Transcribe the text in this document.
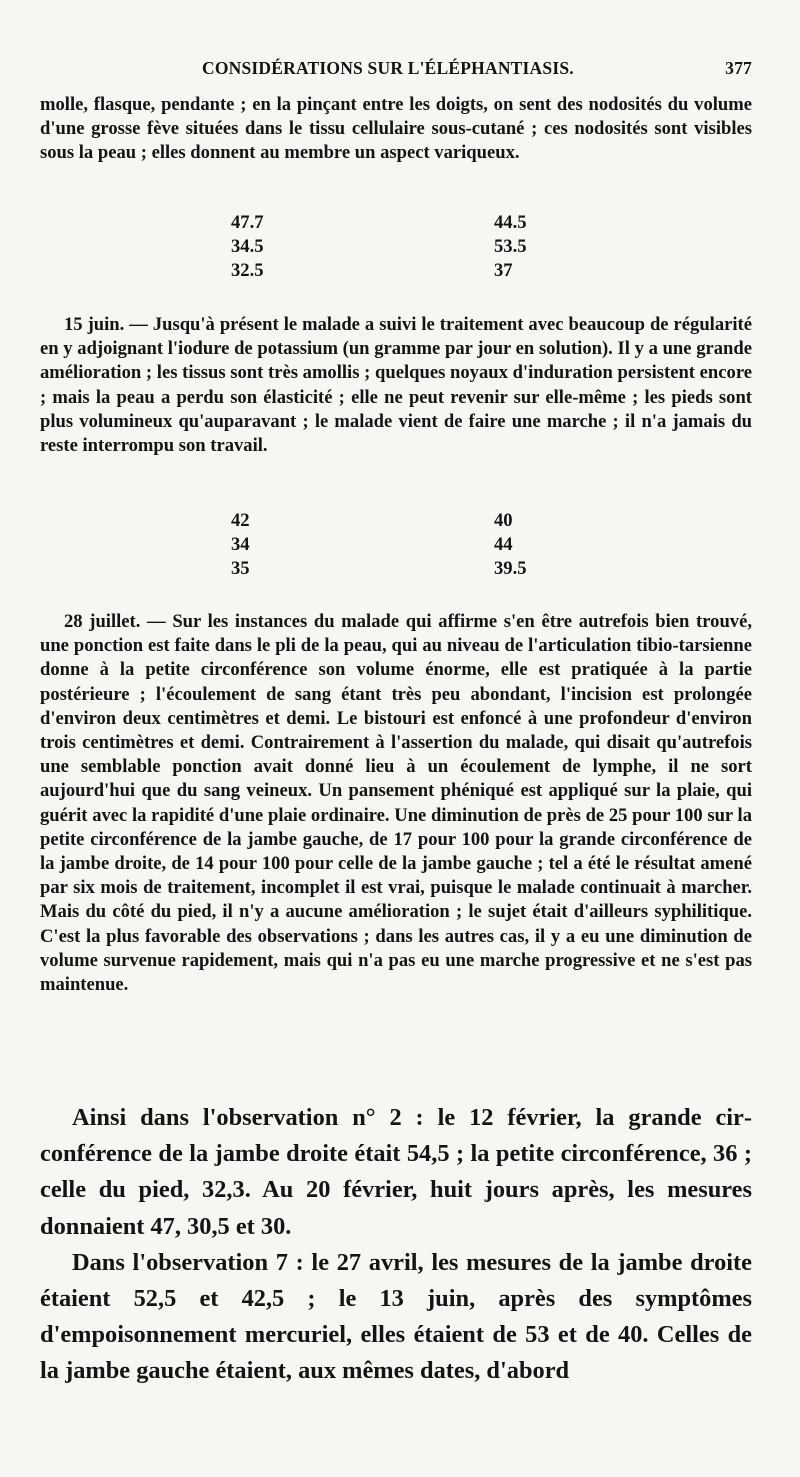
CONSIDÉRATIONS SUR L'ÉLÉPHANTIASIS.	377

molle, flasque, pendante ; en la pinçant entre les doigts, on sent des nodosités du volume d'une grosse fève situées dans le tissu cellulaire sous-cutané ; ces nodosités sont visibles sous la peau ; elles donnent au membre un aspect variqueux.

47.7	44.5
34.5	53.5
32.5	37

15 juin. — Jusqu'à présent le malade a suivi le traitement avec beaucoup de régularité en y adjoignant l'iodure de potassium (un gramme par jour en solution). Il y a une grande amélioration ; les tissus sont très amollis ; quelques noyaux d'induration persistent encore ; mais la peau a perdu son élasticité ; elle ne peut revenir sur elle-même ; les pieds sont plus volumineux qu'auparavant ; le malade vient de faire une marche ; il n'a jamais du reste interrompu son travail.

42	40
34	44
35	39.5

28 juillet. — Sur les instances du malade qui affirme s'en être autrefois bien trouvé, une ponction est faite dans le pli de la peau, qui au niveau de l'articulation tibio-tarsienne donne à la petite circonférence son volume énorme, elle est pratiquée à la partie postérieure ; l'écoulement de sang étant très peu abondant, l'incision est prolongée d'environ deux centimètres et demi. Le bistouri est enfoncé à une profondeur d'environ trois centimètres et demi. Contrairement à l'assertion du malade, qui disait qu'autrefois une semblable ponction avait donné lieu à un écoulement de lymphe, il ne sort aujourd'hui que du sang veineux. Un pansement phéniqué est appliqué sur la plaie, qui guérit avec la rapidité d'une plaie ordinaire. Une diminution de près de 25 pour 100 sur la petite circonférence de la jambe gauche, de 17 pour 100 pour la grande circonférence de la jambe droite, de 14 pour 100 pour celle de la jambe gauche ; tel a été le résultat amené par six mois de traitement, incomplet il est vrai, puisque le malade continuait à marcher. Mais du côté du pied, il n'y a aucune amélioration ; le sujet était d'ailleurs syphilitique. C'est la plus favorable des observations ; dans les autres cas, il y a eu une diminution de volume survenue rapidement, mais qui n'a pas eu une marche progressive et ne s'est pas maintenue.

Ainsi dans l'observation n° 2 : le 12 février, la grande circonférence de la jambe droite était 54,5 ; la petite circonférence, 36 ; celle du pied, 32,3. Au 20 février, huit jours après, les mesures donnaient 47, 30,5 et 30.

Dans l'observation 7 : le 27 avril, les mesures de la jambe droite étaient 52,5 et 42,5 ; le 13 juin, après des symptômes d'empoisonnement mercuriel, elles étaient de 53 et de 40. Celles de la jambe gauche étaient, aux mêmes dates, d'abord
